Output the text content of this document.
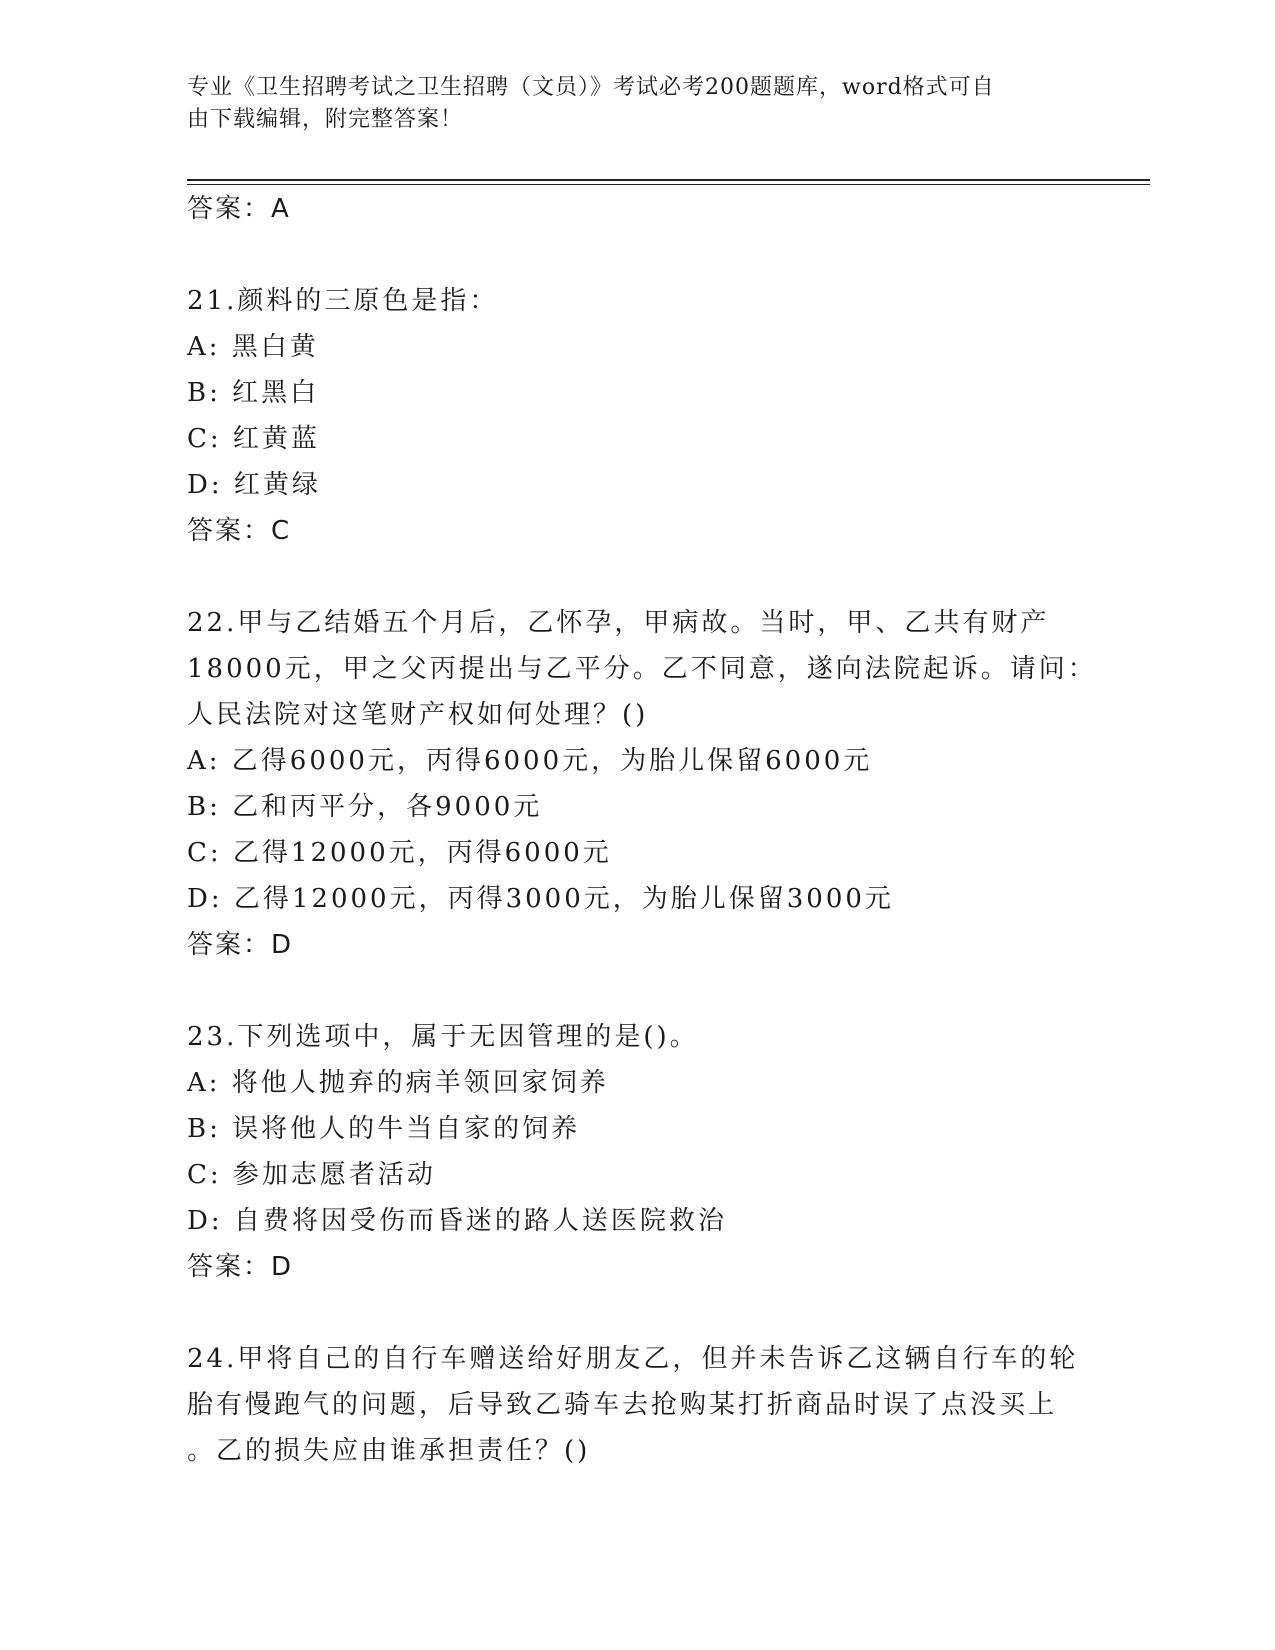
专业《卫生招聘考试之卫生招聘（文员）》考试必考200题题库，word格式可自
由下载编辑，附完整答案！
答案：A
21.颜料的三原色是指：
A: 黑白黄
B: 红黑白
C: 红黄蓝
D: 红黄绿
答案：C
22.甲与乙结婚五个月后，乙怀孕，甲病故。当时，甲、乙共有财产
18000元，甲之父丙提出与乙平分。乙不同意，遂向法院起诉。请问：
人民法院对这笔财产权如何处理？()
A: 乙得6000元，丙得6000元，为胎儿保留6000元
B: 乙和丙平分，各9000元
C: 乙得12000元，丙得6000元
D: 乙得12000元，丙得3000元，为胎儿保留3000元
答案：D
23.下列选项中，属于无因管理的是()。
A: 将他人抛弃的病羊领回家饲养
B: 误将他人的牛当自家的饲养
C: 参加志愿者活动
D: 自费将因受伤而昏迷的路人送医院救治
答案：D
24.甲将自己的自行车赠送给好朋友乙，但并未告诉乙这辆自行车的轮
胎有慢跑气的问题，后导致乙骑车去抢购某打折商品时误了点没买上
。乙的损失应由谁承担责任？()
